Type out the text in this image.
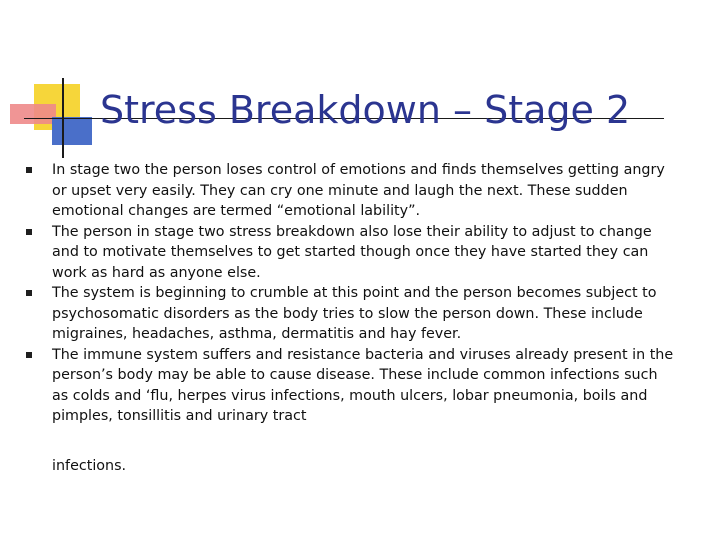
Stress Breakdown – Stage 2
In stage two the person loses control of emotions and finds themselves getting angry or upset very easily. They can cry one minute and laugh the next. These sudden emotional changes are termed “emotional lability”.
The person in stage two stress breakdown also lose their ability to adjust to change and to motivate themselves to get started though once they have started they can work as hard as anyone else.
The system is beginning to crumble at this point and the person becomes subject to psychosomatic disorders as the body tries to slow the person down. These include migraines, headaches, asthma, dermatitis and hay fever.
The immune system suffers and resistance bacteria and viruses already present in the person’s body may be able to cause disease. These include common infections such as colds and ‘flu, herpes virus infections, mouth ulcers, lobar pneumonia, boils and pimples, tonsillitis and urinary tract
infections.
